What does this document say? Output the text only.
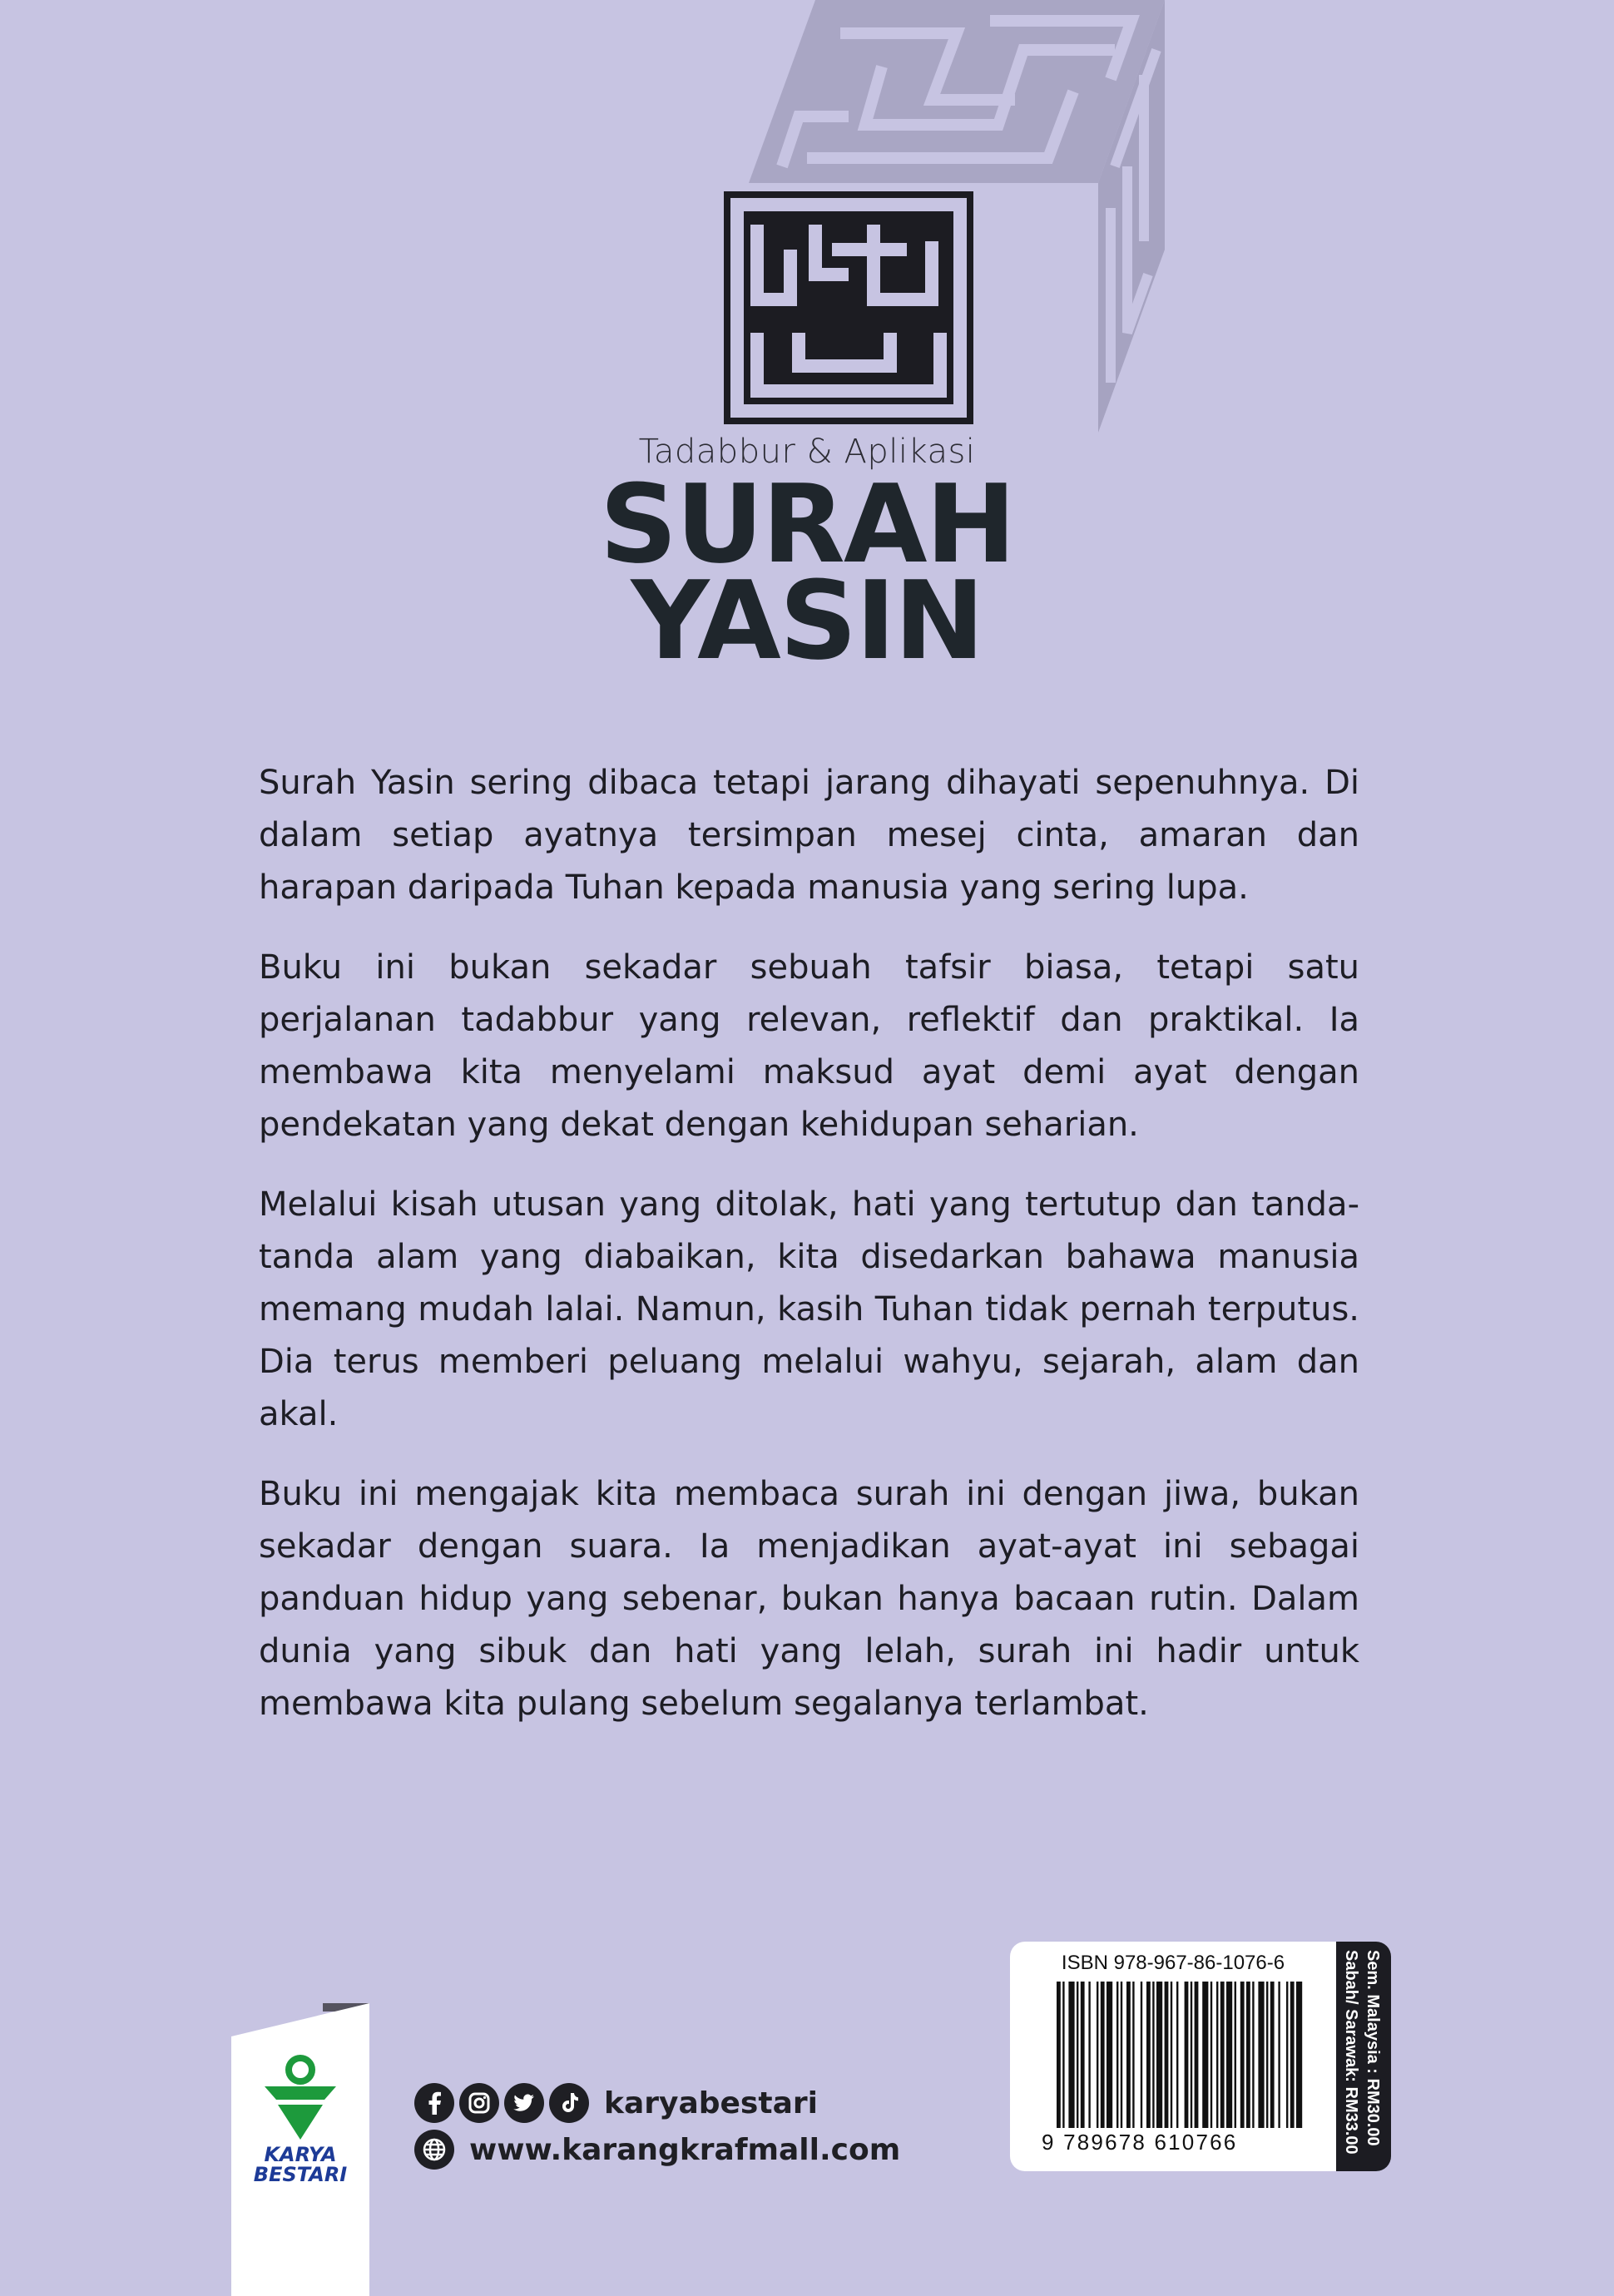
Tadabbur & Aplikasi
SURAH
YASIN

Surah Yasin sering dibaca tetapi jarang dihayati sepenuhnya. Di dalam setiap ayatnya tersimpan mesej cinta, amaran dan harapan daripada Tuhan kepada manusia yang sering lupa.

Buku ini bukan sekadar sebuah tafsir biasa, tetapi satu perjalanan tadabbur yang relevan, reflektif dan praktikal. Ia membawa kita menyelami maksud ayat demi ayat dengan pendekatan yang dekat dengan kehidupan seharian.

Melalui kisah utusan yang ditolak, hati yang tertutup dan tanda-tanda alam yang diabaikan, kita disedarkan bahawa manusia memang mudah lalai. Namun, kasih Tuhan tidak pernah terputus. Dia terus memberi peluang melalui wahyu, sejarah, alam dan akal.

Buku ini mengajak kita membaca surah ini dengan jiwa, bukan sekadar dengan suara. Ia menjadikan ayat-ayat ini sebagai panduan hidup yang sebenar, bukan hanya bacaan rutin. Dalam dunia yang sibuk dan hati yang lelah, surah ini hadir untuk membawa kita pulang sebelum segalanya terlambat.

KARYA
BESTARI
karyabestari
www.karangkrafmall.com
ISBN 978-967-86-1076-6
9 789678 610766	Sem. Malaysia : RM30.00
Sabah/ Sarawak: RM33.00
